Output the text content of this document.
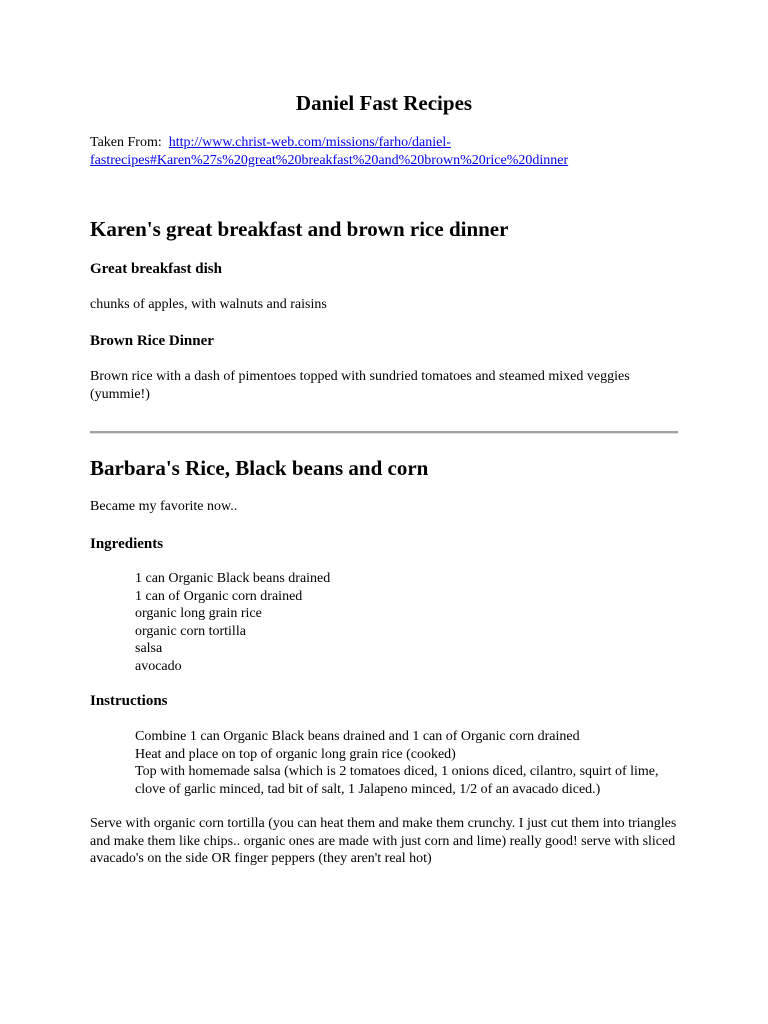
Daniel Fast Recipes
Taken From: http://www.christ-web.com/missions/farho/daniel-
fastrecipes#Karen%27s%20great%20breakfast%20and%20brown%20rice%20dinner
Karen's great breakfast and brown rice dinner
Great breakfast dish

chunks of apples, with walnuts and raisins

Brown Rice Dinner

Brown rice with a dash of pimentoes topped with sundried tomatoes and steamed mixed veggies (yummie!)

Barbara's Rice, Black beans and corn

Became my favorite now..

Ingredients
1 can Organic Black beans drained
1 can of Organic corn drained
organic long grain rice
organic corn tortilla
salsa
avocado
Instructions
Combine 1 can Organic Black beans drained and 1 can of Organic corn drained
Heat and place on top of organic long grain rice (cooked)
Top with homemade salsa (which is 2 tomatoes diced, 1 onions diced, cilantro, squirt of lime, clove of garlic minced, tad bit of salt, 1 Jalapeno minced, 1/2 of an avacado diced.)

Serve with organic corn tortilla (you can heat them and make them crunchy. I just cut them into triangles and make them like chips.. organic ones are made with just corn and lime) really good! serve with sliced avacado's on the side OR finger peppers (they aren't real hot)
